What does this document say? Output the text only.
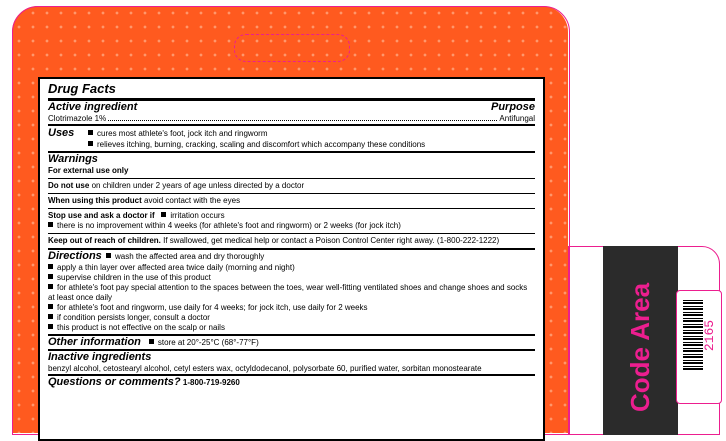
Drug Facts
Active ingredient	Purpose
Clotrimazole 1%	Antifungal
Uses	cures most athlete's foot, jock itch and ringworm
relieves itching, burning, cracking, scaling and discomfort which accompany these conditions
Warnings
For external use only
Do not use on children under 2 years of age unless directed by a doctor
When using this product avoid contact with the eyes
Stop use and ask a doctor if irritation occurs
there is no improvement within 4 weeks (for athlete's foot and ringworm) or 2 weeks (for jock itch)
Keep out of reach of children. If swallowed, get medical help or contact a Poison Control Center right away. (1-800-222-1222)
Directions wash the affected area and dry thoroughly
apply a thin layer over affected area twice daily (morning and night)
supervise children in the use of this product
for athlete's foot pay special attention to the spaces between the toes, wear well-fitting ventilated shoes and change shoes and socks at least once daily
for athlete's foot and ringworm, use daily for 4 weeks; for jock itch, use daily for 2 weeks
if condition persists longer, consult a doctor
this product is not effective on the scalp or nails
Other information store at 20°-25°C (68°-77°F)
Inactive ingredients
benzyl alcohol, cetostearyl alcohol, cetyl esters wax, octyldodecanol, polysorbate 60, purified water, sorbitan monostearate
Questions or comments? 1-800-719-9260	Code Area	2165
